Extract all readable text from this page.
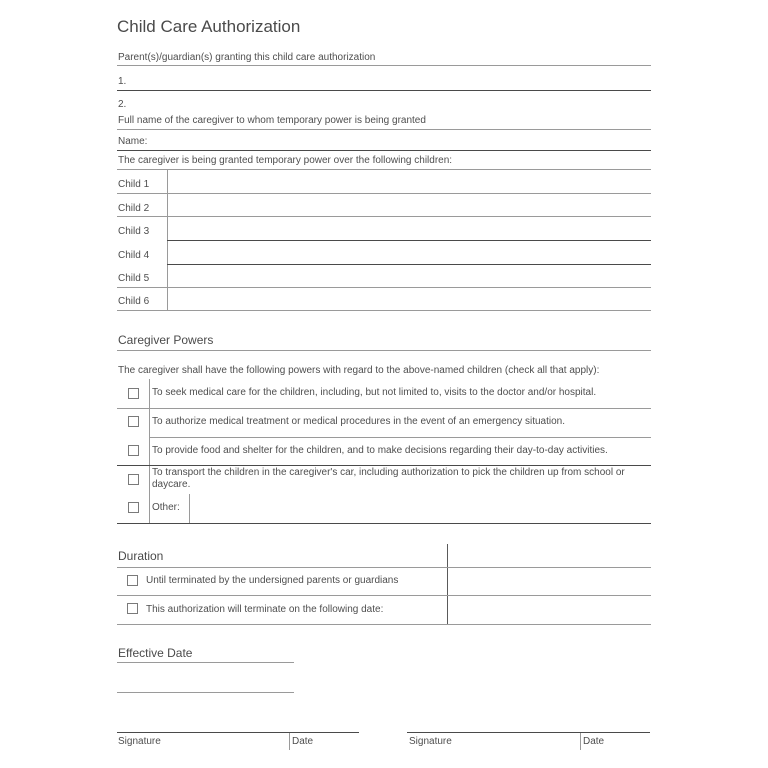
Child Care Authorization
Parent(s)/guardian(s) granting this child care authorization
1.
2.
Full name of the caregiver to whom temporary power is being granted
Name:
The caregiver is being granted temporary power over the following children:
Child 1
Child 2
Child 3
Child 4
Child 5
Child 6
Caregiver Powers
The caregiver shall have the following powers with regard to the above-named children (check all that apply):
To seek medical care for the children, including, but not limited to, visits to the doctor and/or hospital.
To authorize medical treatment or medical procedures in the event of an emergency situation.
To provide food and shelter for the children, and to make decisions regarding their day-to-day activities.
To transport the children in the caregiver's car, including authorization to pick the children up from school or daycare.
Other:
Duration
Until terminated by the undersigned parents or guardians
This authorization will terminate on the following date:
Effective Date
Signature	Date	Signature	Date
